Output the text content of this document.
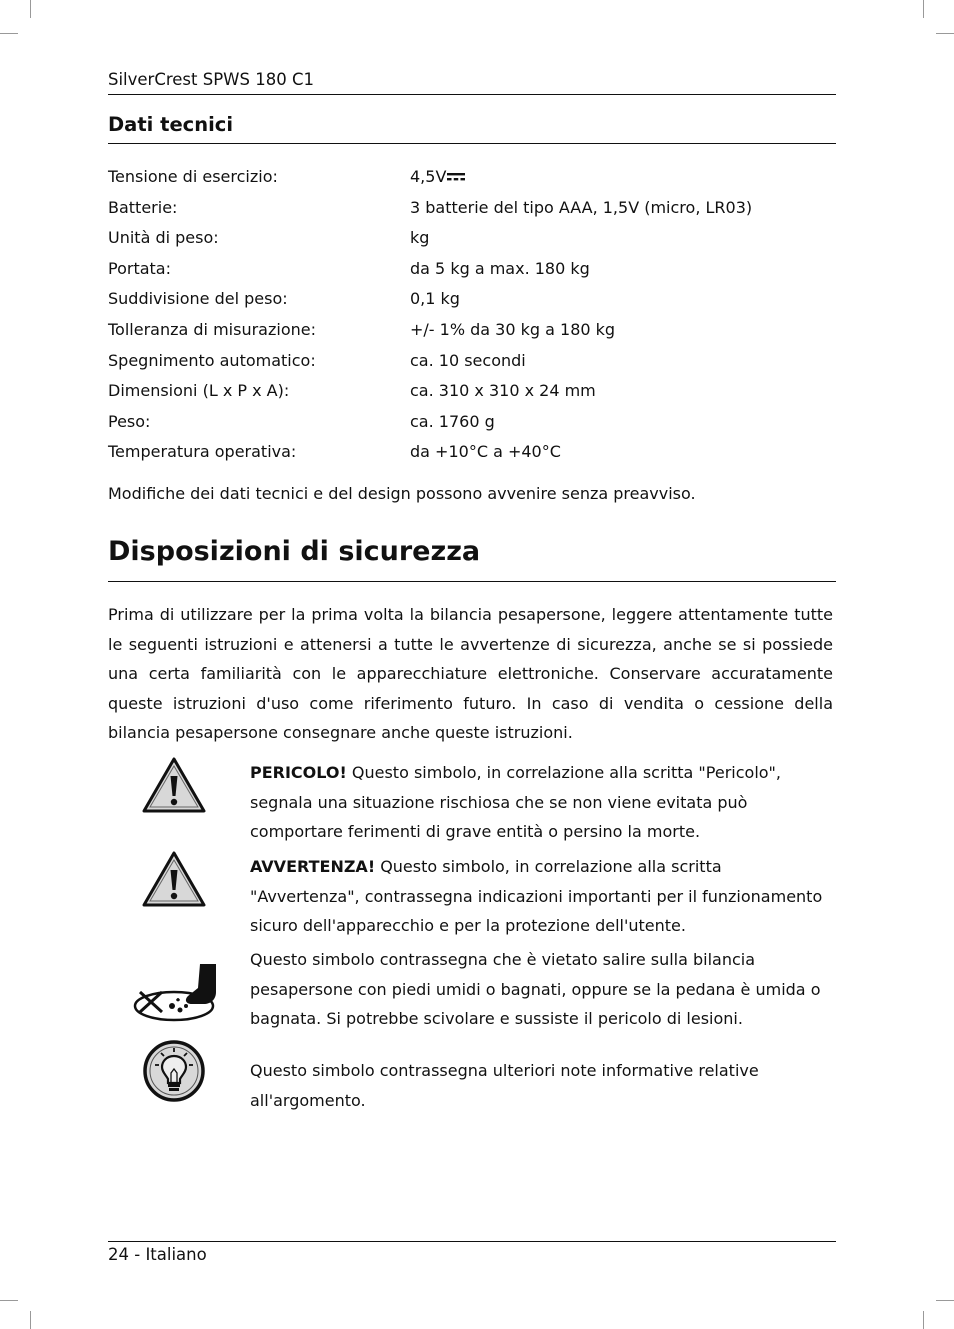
SilverCrest SPWS 180 C1
Dati tecnici
Tensione di esercizio:	4,5V
Batterie:	3 batterie del tipo AAA, 1,5V (micro, LR03)
Unità di peso:	kg
Portata:	da 5 kg a max. 180 kg
Suddivisione del peso:	0,1 kg
Tolleranza di misurazione:	+/- 1% da 30 kg a 180 kg
Spegnimento automatico:	ca. 10 secondi
Dimensioni (L x P x A):	ca. 310 x 310 x 24 mm
Peso:	ca. 1760 g
Temperatura operativa:	da +10°C a +40°C
Modifiche dei dati tecnici e del design possono avvenire senza preavviso.
Disposizioni di sicurezza

Prima di utilizzare per la prima volta la bilancia pesapersone, leggere attentamente tutte le seguenti istruzioni e attenersi a tutte le avvertenze di sicurezza, anche se si possiede una certa familiarità con le apparecchiature elettroniche. Conservare accuratamente queste istruzioni d'uso come riferimento futuro. In caso di vendita o cessione della bilancia pesapersone consegnare anche queste istruzioni.

PERICOLO! Questo simbolo, in correlazione alla scritta "Pericolo", segnala una situazione rischiosa che se non viene evitata può comportare ferimenti di grave entità o persino la morte.
AVVERTENZA! Questo simbolo, in correlazione alla scritta "Avvertenza", contrassegna indicazioni importanti per il funzionamento sicuro dell'apparecchio e per la protezione dell'utente.
Questo simbolo contrassegna che è vietato salire sulla bilancia pesapersone con piedi umidi o bagnati, oppure se la pedana è umida o bagnata. Si potrebbe scivolare e sussiste il pericolo di lesioni.
Questo simbolo contrassegna ulteriori note informative relative all'argomento.
24 - Italiano
